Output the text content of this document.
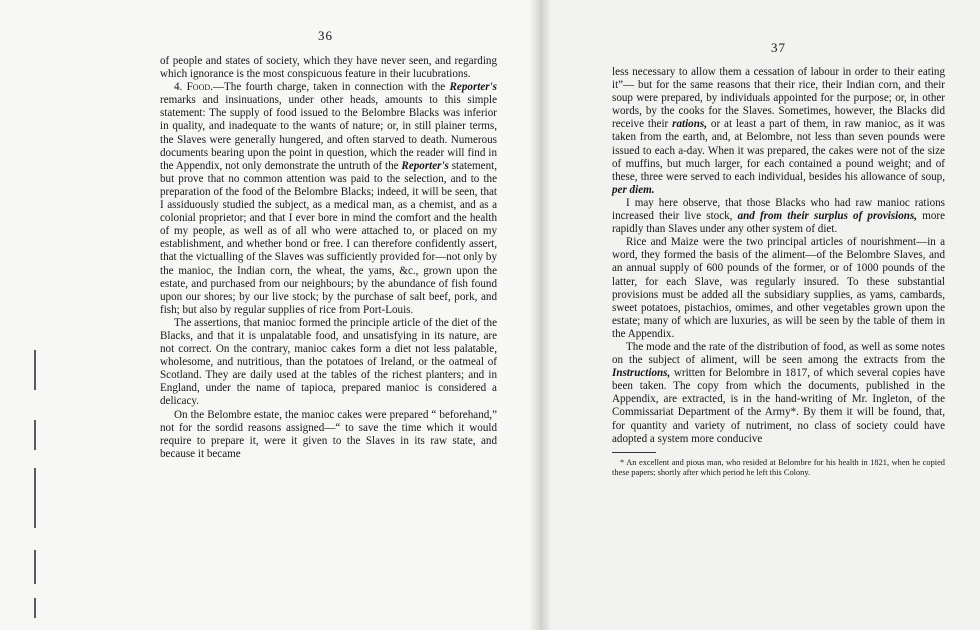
36

of people and states of society, which they have never seen, and regarding which ignorance is the most conspicuous feature in their lucubrations.

4. Food.—The fourth charge, taken in connection with the Reporter's remarks and insinuations, under other heads, amounts to this simple statement: The supply of food issued to the Belombre Blacks was inferior in quality, and inadequate to the wants of nature; or, in still plainer terms, the Slaves were generally hungered, and often starved to death. Numerous documents bearing upon the point in question, which the reader will find in the Appendix, not only demonstrate the untruth of the Reporter's statement, but prove that no common attention was paid to the selection, and to the preparation of the food of the Belombre Blacks; indeed, it will be seen, that I assiduously studied the subject, as a medical man, as a chemist, and as a colonial proprietor; and that I ever bore in mind the comfort and the health of my people, as well as of all who were attached to, or placed on my establishment, and whether bond or free. I can therefore confidently assert, that the victualling of the Slaves was sufficiently provided for—not only by the manioc, the Indian corn, the wheat, the yams, &c., grown upon the estate, and purchased from our neighbours; by the abundance of fish found upon our shores; by our live stock; by the purchase of salt beef, pork, and fish; but also by regular supplies of rice from Port-Louis.

The assertions, that manioc formed the principle article of the diet of the Blacks, and that it is unpalatable food, and unsatisfying in its nature, are not correct. On the contrary, manioc cakes form a diet not less palatable, wholesome, and nutritious, than the potatoes of Ireland, or the oatmeal of Scotland. They are daily used at the tables of the richest planters; and in England, under the name of tapioca, prepared manioc is considered a delicacy.

On the Belombre estate, the manioc cakes were prepared “ beforehand,” not for the sordid reasons assigned—“ to save the time which it would require to prepare it, were it given to the Slaves in its raw state, and because it became

37

less necessary to allow them a cessation of labour in order to their eating it”— but for the same reasons that their rice, their Indian corn, and their soup were prepared, by individuals appointed for the purpose; or, in other words, by the cooks for the Slaves. Sometimes, however, the Blacks did receive their rations, or at least a part of them, in raw manioc, as it was taken from the earth, and, at Belombre, not less than seven pounds were issued to each a-day. When it was prepared, the cakes were not of the size of muffins, but much larger, for each contained a pound weight; and of these, three were served to each individual, besides his allowance of soup, per diem.

I may here observe, that those Blacks who had raw manioc rations increased their live stock, and from their surplus of provisions, more rapidly than Slaves under any other system of diet.

Rice and Maize were the two principal articles of nourishment—in a word, they formed the basis of the aliment—of the Belombre Slaves, and an annual supply of 600 pounds of the former, or of 1000 pounds of the latter, for each Slave, was regularly insured. To these substantial provisions must be added all the subsidiary supplies, as yams, cambards, sweet potatoes, pistachios, omimes, and other vegetables grown upon the estate; many of which are luxuries, as will be seen by the table of them in the Appendix.

The mode and the rate of the distribution of food, as well as some notes on the subject of aliment, will be seen among the extracts from the Instructions, written for Belombre in 1817, of which several copies have been taken. The copy from which the documents, published in the Appendix, are extracted, is in the hand-writing of Mr. Ingleton, of the Commissariat Department of the Army*. By them it will be found, that, for quantity and variety of nutriment, no class of society could have adopted a system more conducive

* An excellent and pious man, who resided at Belombre for his health in 1821, when he copied these papers; shortly after which period he left this Colony.
